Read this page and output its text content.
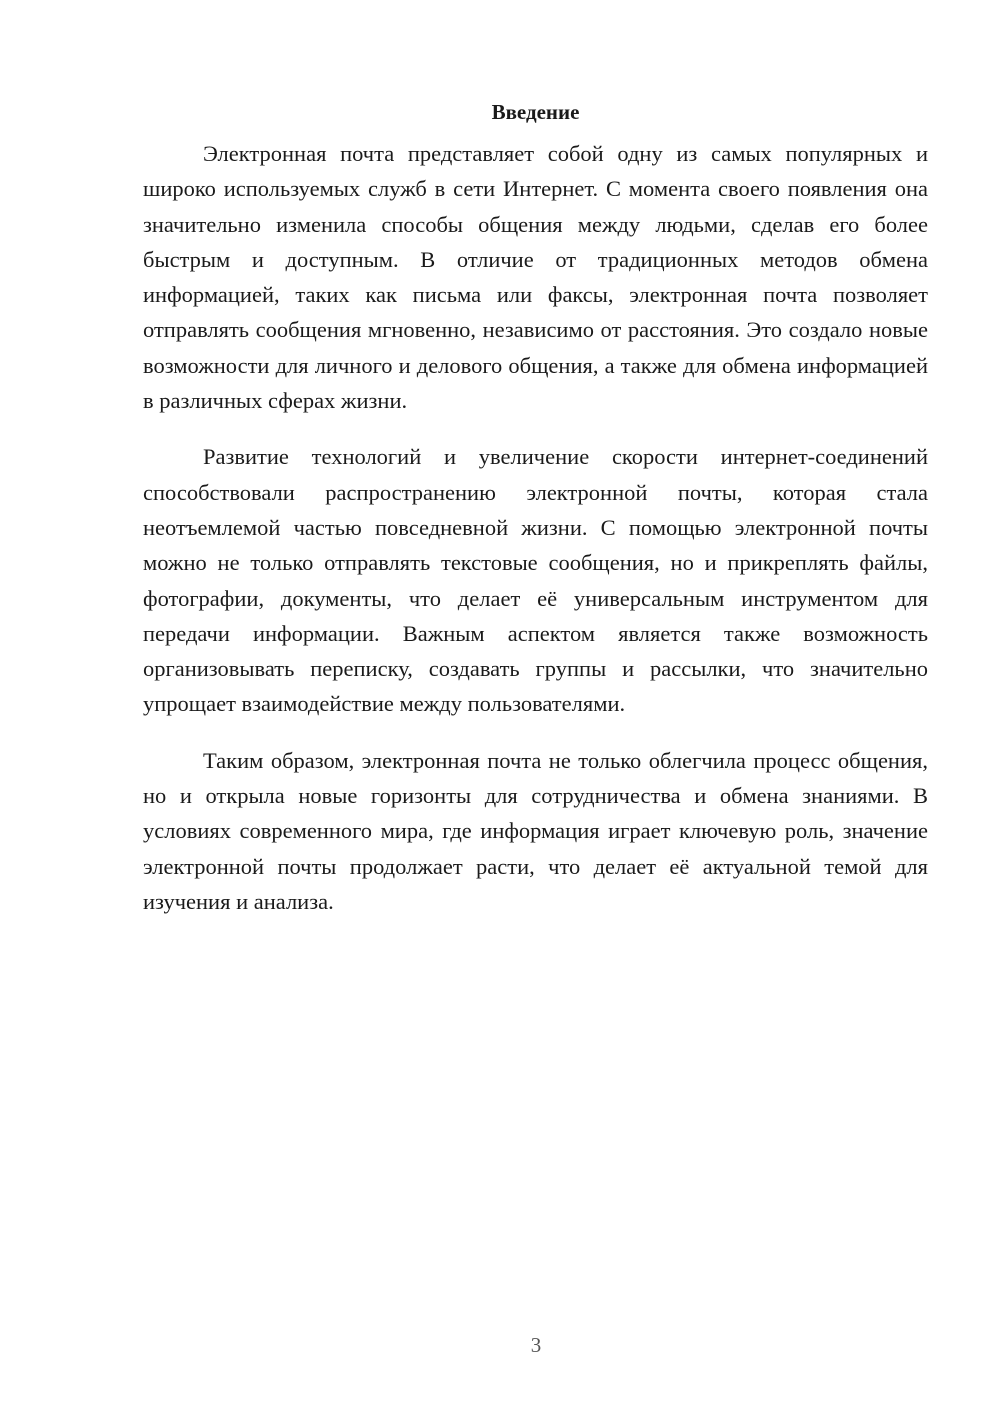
Введение

Электронная почта представляет собой одну из самых популярных и широко используемых служб в сети Интернет. С момента своего появления она значительно изменила способы общения между людьми, сделав его более быстрым и доступным. В отличие от традиционных методов обмена информацией, таких как письма или факсы, электронная почта позволяет отправлять сообщения мгновенно, независимо от расстояния. Это создало новые возможности для личного и делового общения, а также для обмена информацией в различных сферах жизни.

Развитие технологий и увеличение скорости интернет-соединений способствовали распространению электронной почты, которая стала неотъемлемой частью повседневной жизни. С помощью электронной почты можно не только отправлять текстовые сообщения, но и прикреплять файлы, фотографии, документы, что делает её универсальным инструментом для передачи информации. Важным аспектом является также возможность организовывать переписку, создавать группы и рассылки, что значительно упрощает взаимодействие между пользователями.

Таким образом, электронная почта не только облегчила процесс общения, но и открыла новые горизонты для сотрудничества и обмена знаниями. В условиях современного мира, где информация играет ключевую роль, значение электронной почты продолжает расти, что делает её актуальной темой для изучения и анализа.

3
